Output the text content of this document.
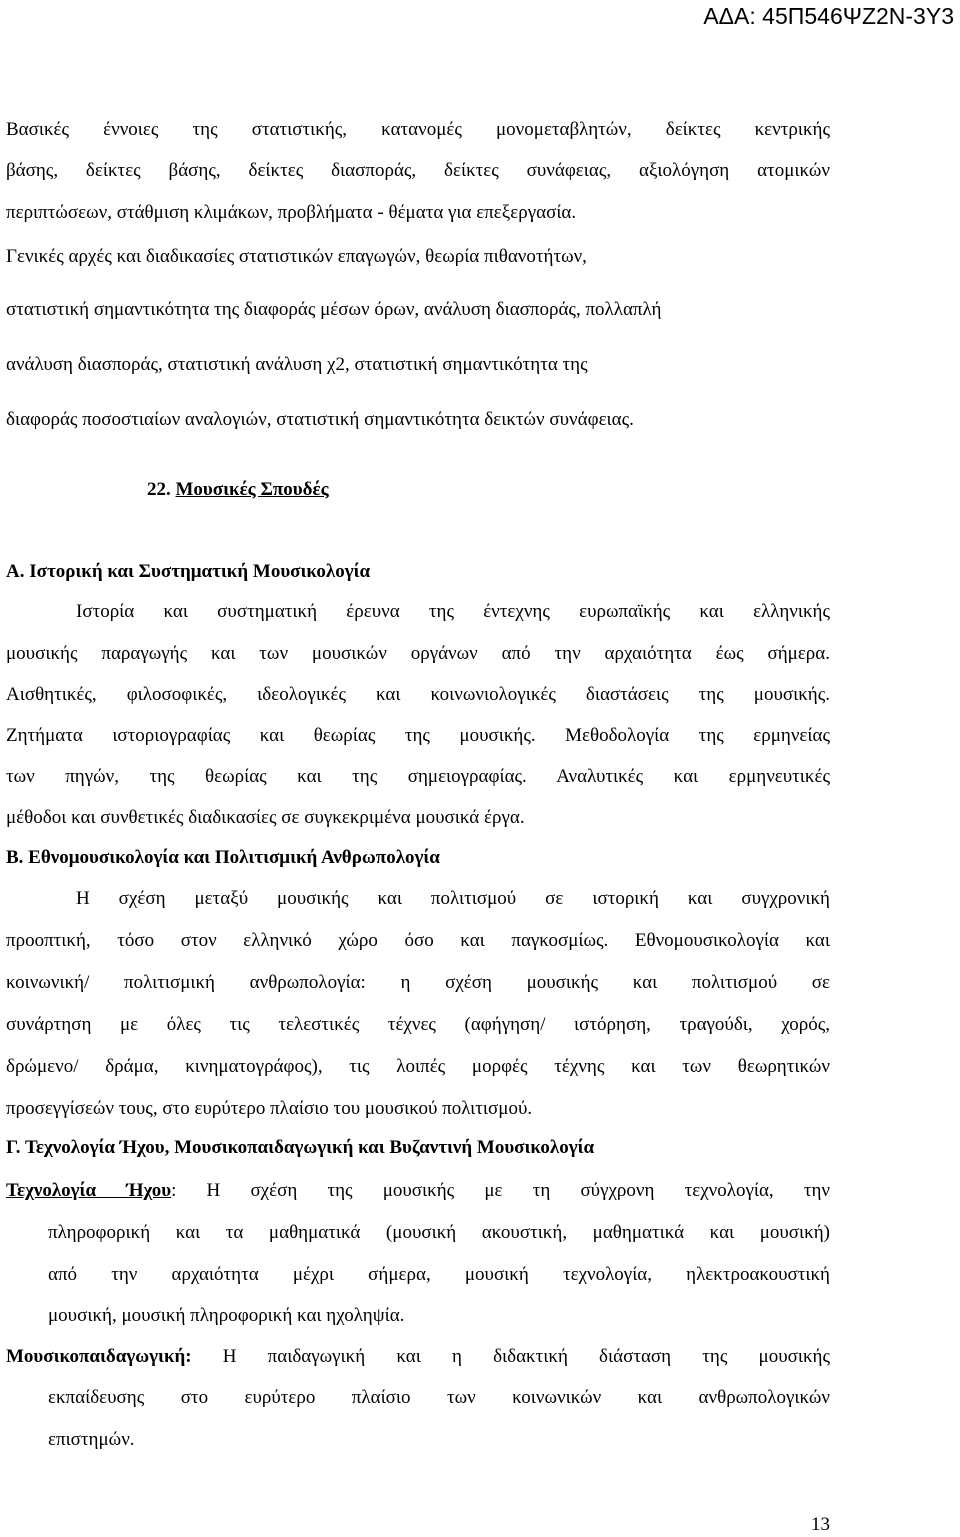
ΑΔΑ: 45Π546ΨΖ2Ν-3Υ3
Βασικές έννοιες της στατιστικής, κατανομές μονομεταβλητών, δείκτες κεντρικής
βάσης, δείκτες βάσης, δείκτες διασποράς, δείκτες συνάφειας, αξιολόγηση ατομικών
περιπτώσεων, στάθμιση κλιμάκων, προβλήματα - θέματα για επεξεργασία.
Γενικές αρχές και διαδικασίες στατιστικών επαγωγών, θεωρία πιθανοτήτων,
στατιστική σημαντικότητα της διαφοράς μέσων όρων, ανάλυση διασποράς, πολλαπλή
ανάλυση διασποράς, στατιστική ανάλυση χ2, στατιστική σημαντικότητα της
διαφοράς ποσοστιαίων αναλογιών, στατιστική σημαντικότητα δεικτών συνάφειας.
22. Μουσικές Σπουδές
Α. Ιστορική και Συστηματική Μουσικολογία
Ιστορία και συστηματική έρευνα της έντεχνης ευρωπαϊκής και ελληνικής
μουσικής παραγωγής και των μουσικών οργάνων από την αρχαιότητα έως σήμερα.
Αισθητικές, φιλοσοφικές, ιδεολογικές και κοινωνιολογικές διαστάσεις της μουσικής.
Ζητήματα ιστοριογραφίας και θεωρίας της μουσικής. Μεθοδολογία της ερμηνείας
των πηγών, της θεωρίας και της σημειογραφίας. Αναλυτικές και ερμηνευτικές
μέθοδοι και συνθετικές διαδικασίες σε συγκεκριμένα μουσικά έργα.
Β. Εθνομουσικολογία και Πολιτισμική Ανθρωπολογία
Η σχέση μεταξύ μουσικής και πολιτισμού σε ιστορική και συγχρονική
προοπτική, τόσο στον ελληνικό χώρο όσο και παγκοσμίως. Εθνομουσικολογία και
κοινωνική/ πολιτισμική ανθρωπολογία: η σχέση μουσικής και πολιτισμού σε
συνάρτηση με όλες τις τελεστικές τέχνες (αφήγηση/ ιστόρηση, τραγούδι, χορός,
δρώμενο/ δράμα, κινηματογράφος), τις λοιπές μορφές τέχνης και των θεωρητικών
προσεγγίσεών τους, στο ευρύτερο πλαίσιο του μουσικού πολιτισμού.
Γ. Τεχνολογία Ήχου, Μουσικοπαιδαγωγική και Βυζαντινή Μουσικολογία
Τεχνολογία Ήχου: Η σχέση της μουσικής με τη σύγχρονη τεχνολογία, την
πληροφορική και τα μαθηματικά (μουσική ακουστική, μαθηματικά και μουσική)
από την αρχαιότητα μέχρι σήμερα, μουσική τεχνολογία, ηλεκτροακουστική
μουσική, μουσική πληροφορική και ηχοληψία.
Μουσικοπαιδαγωγική: Η παιδαγωγική και η διδακτική διάσταση της μουσικής
εκπαίδευσης στο ευρύτερο πλαίσιο των κοινωνικών και ανθρωπολογικών
επιστημών.
13
